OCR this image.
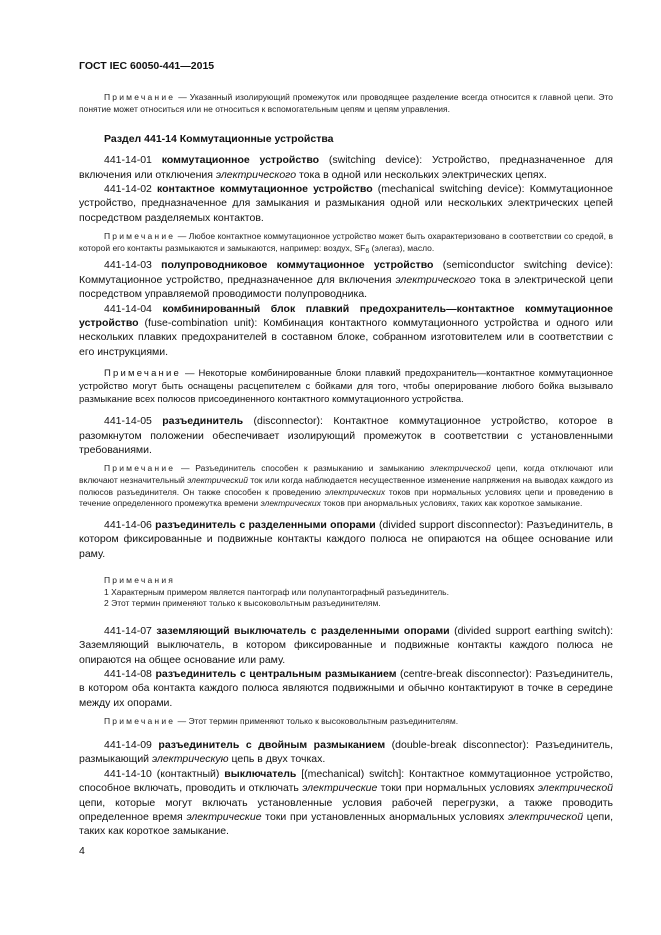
ГОСТ IEC 60050-441—2015

Примечание — Указанный изолирующий промежуток или проводящее разделение всегда относится к главной цепи. Это понятие может относиться или не относиться к вспомогательным цепям и цепям управления.

Раздел 441-14 Коммутационные устройства

441-14-01 коммутационное устройство (switching device): Устройство, предназначенное для включения или отключения электрического тока в одной или нескольких электрических цепях.

441-14-02 контактное коммутационное устройство (mechanical switching device): Коммутационное устройство, предназначенное для замыкания и размыкания одной или нескольких электрических цепей посредством разделяемых контактов.

Примечание — Любое контактное коммутационное устройство может быть охарактеризовано в соответствии со средой, в которой его контакты размыкаются и замыкаются, например: воздух, $SF_6$ (элегаз), масло.

441-14-03 полупроводниковое коммутационное устройство (semiconductor switching device): Коммутационное устройство, предназначенное для включения электрического тока в электрической цепи посредством управляемой проводимости полупроводника.

441-14-04 комбинированный блок плавкий предохранитель—контактное коммутационное устройство (fuse-combination unit): Комбинация контактного коммутационного устройства и одного или нескольких плавких предохранителей в составном блоке, собранном изготовителем или в соответствии с его инструкциями.

Примечание — Некоторые комбинированные блоки плавкий предохранитель—контактное коммутационное устройство могут быть оснащены расцепителем с бойками для того, чтобы оперирование любого бойка вызывало размыкание всех полюсов присоединенного контактного коммутационного устройства.

441-14-05 разъединитель (disconnector): Контактное коммутационное устройство, которое в разомкнутом положении обеспечивает изолирующий промежуток в соответствии с установленными требованиями.

Примечание — Разъединитель способен к размыканию и замыканию электрической цепи, когда отключают или включают незначительный электрический ток или когда наблюдается несущественное изменение напряжения на выводах каждого из полюсов разъединителя. Он также способен к проведению электрических токов при нормальных условиях цепи и проведению в течение определенного промежутка времени электрических токов при анормальных условиях, таких как короткое замыкание.

441-14-06 разъединитель с разделенными опорами (divided support disconnector): Разъединитель, в котором фиксированные и подвижные контакты каждого полюса не опираются на общее основание или раму.

Примечания

1 Характерным примером является пантограф или полупантографный разъединитель.

2 Этот термин применяют только к высоковольтным разъединителям.

441-14-07 заземляющий выключатель с разделенными опорами (divided support earthing switch): Заземляющий выключатель, в котором фиксированные и подвижные контакты каждого полюса не опираются на общее основание или раму.

441-14-08 разъединитель с центральным размыканием (centre-break disconnector): Разъединитель, в котором оба контакта каждого полюса являются подвижными и обычно контактируют в точке в середине между их опорами.

Примечание — Этот термин применяют только к высоковольтным разъединителям.

441-14-09 разъединитель с двойным размыканием (double-break disconnector): Разъединитель, размыкающий электрическую цепь в двух точках.

441-14-10 (контактный) выключатель [(mechanical) switch]: Контактное коммутационное устройство, способное включать, проводить и отключать электрические токи при нормальных условиях электрической цепи, которые могут включать установленные условия рабочей перегрузки, а также проводить определенное время электрические токи при установленных анормальных условиях электрической цепи, таких как короткое замыкание.

4
